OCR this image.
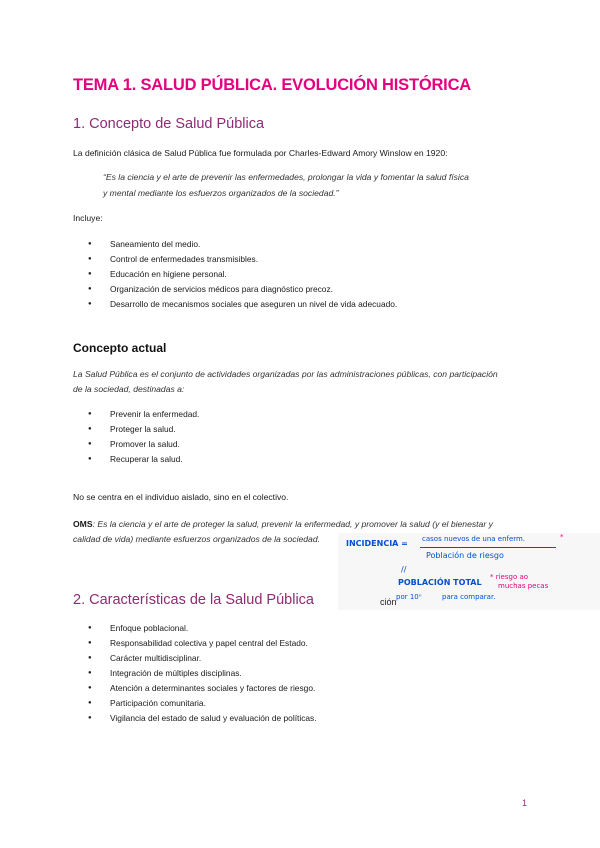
TEMA 1. SALUD PÚBLICA. EVOLUCIÓN HISTÓRICA
1. Concepto de Salud Pública
La definición clásica de Salud Pública fue formulada por Charles-Edward Amory Winslow en 1920:
“Es la ciencia y el arte de prevenir las enfermedades, prolongar la vida y fomentar la salud física
y mental mediante los esfuerzos organizados de la sociedad.”
Incluye:
● Saneamiento del medio.
● Control de enfermedades transmisibles.
● Educación en higiene personal.
● Organización de servicios médicos para diagnóstico precoz.
● Desarrollo de mecanismos sociales que aseguren un nivel de vida adecuado.
Concepto actual
La Salud Pública es el conjunto de actividades organizadas por las administraciones públicas, con participación
de la sociedad, destinadas a:
● Prevenir la enfermedad.
● Proteger la salud.
● Promover la salud.
● Recuperar la salud.
No se centra en el individuo aislado, sino en el colectivo.
OMS: Es la ciencia y el arte de proteger la salud, prevenir la enfermedad, y promover la salud (y el bienestar y
calidad de vida) mediante esfuerzos organizados de la sociedad.	INCIDENCIA = casos nuevos de una enferm.
Población de riesgo
*
//
POBLACIÓN TOTAL
* riesgo ao
muchas pecas
por 10ⁿ	para comparar.
2. Características de la Salud Pública	ción
● Enfoque poblacional.
● Responsabilidad colectiva y papel central del Estado.
● Carácter multidisciplinar.
● Integración de múltiples disciplinas.
● Atención a determinantes sociales y factores de riesgo.
● Participación comunitaria.
● Vigilancia del estado de salud y evaluación de políticas.
1
